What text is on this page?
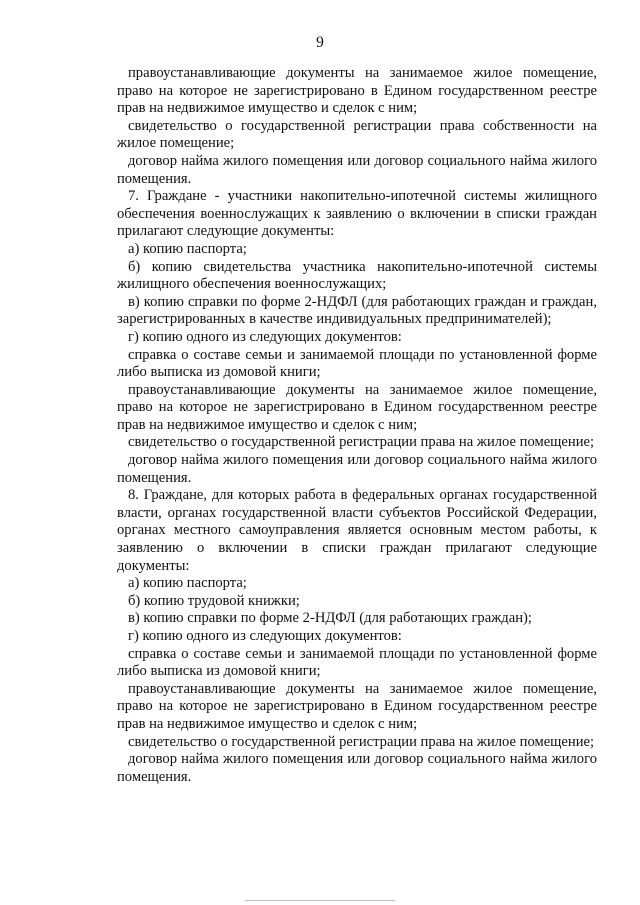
9

правоустанавливающие документы на занимаемое жилое помещение, право на которое не зарегистрировано в Едином государственном реестре прав на недвижимое имущество и сделок с ним;

свидетельство о государственной регистрации права собственности на жилое помещение;

договор найма жилого помещения или договор социального найма жилого помещения.

7. Граждане - участники накопительно-ипотечной системы жилищного обеспечения военнослужащих к заявлению о включении в списки граждан прилагают следующие документы:

а) копию паспорта;

б) копию свидетельства участника накопительно-ипотечной системы жилищного обеспечения военнослужащих;

в) копию справки по форме 2-НДФЛ (для работающих граждан и граждан, зарегистрированных в качестве индивидуальных предпринимателей);

г) копию одного из следующих документов:

справка о составе семьи и занимаемой площади по установленной форме либо выписка из домовой книги;

правоустанавливающие документы на занимаемое жилое помещение, право на которое не зарегистрировано в Едином государственном реестре прав на недвижимое имущество и сделок с ним;

свидетельство о государственной регистрации права на жилое помещение;

договор найма жилого помещения или договор социального найма жилого помещения.

8. Граждане, для которых работа в федеральных органах государственной власти, органах государственной власти субъектов Российской Федерации, органах местного самоуправления является основным местом работы, к заявлению о включении в списки граждан прилагают следующие документы:

а) копию паспорта;

б) копию трудовой книжки;

в) копию справки по форме 2-НДФЛ (для работающих граждан);

г) копию одного из следующих документов:

справка о составе семьи и занимаемой площади по установленной форме либо выписка из домовой книги;

правоустанавливающие документы на занимаемое жилое помещение, право на которое не зарегистрировано в Едином государственном реестре прав на недвижимое имущество и сделок с ним;

свидетельство о государственной регистрации права на жилое помещение;

договор найма жилого помещения или договор социального найма жилого помещения.
